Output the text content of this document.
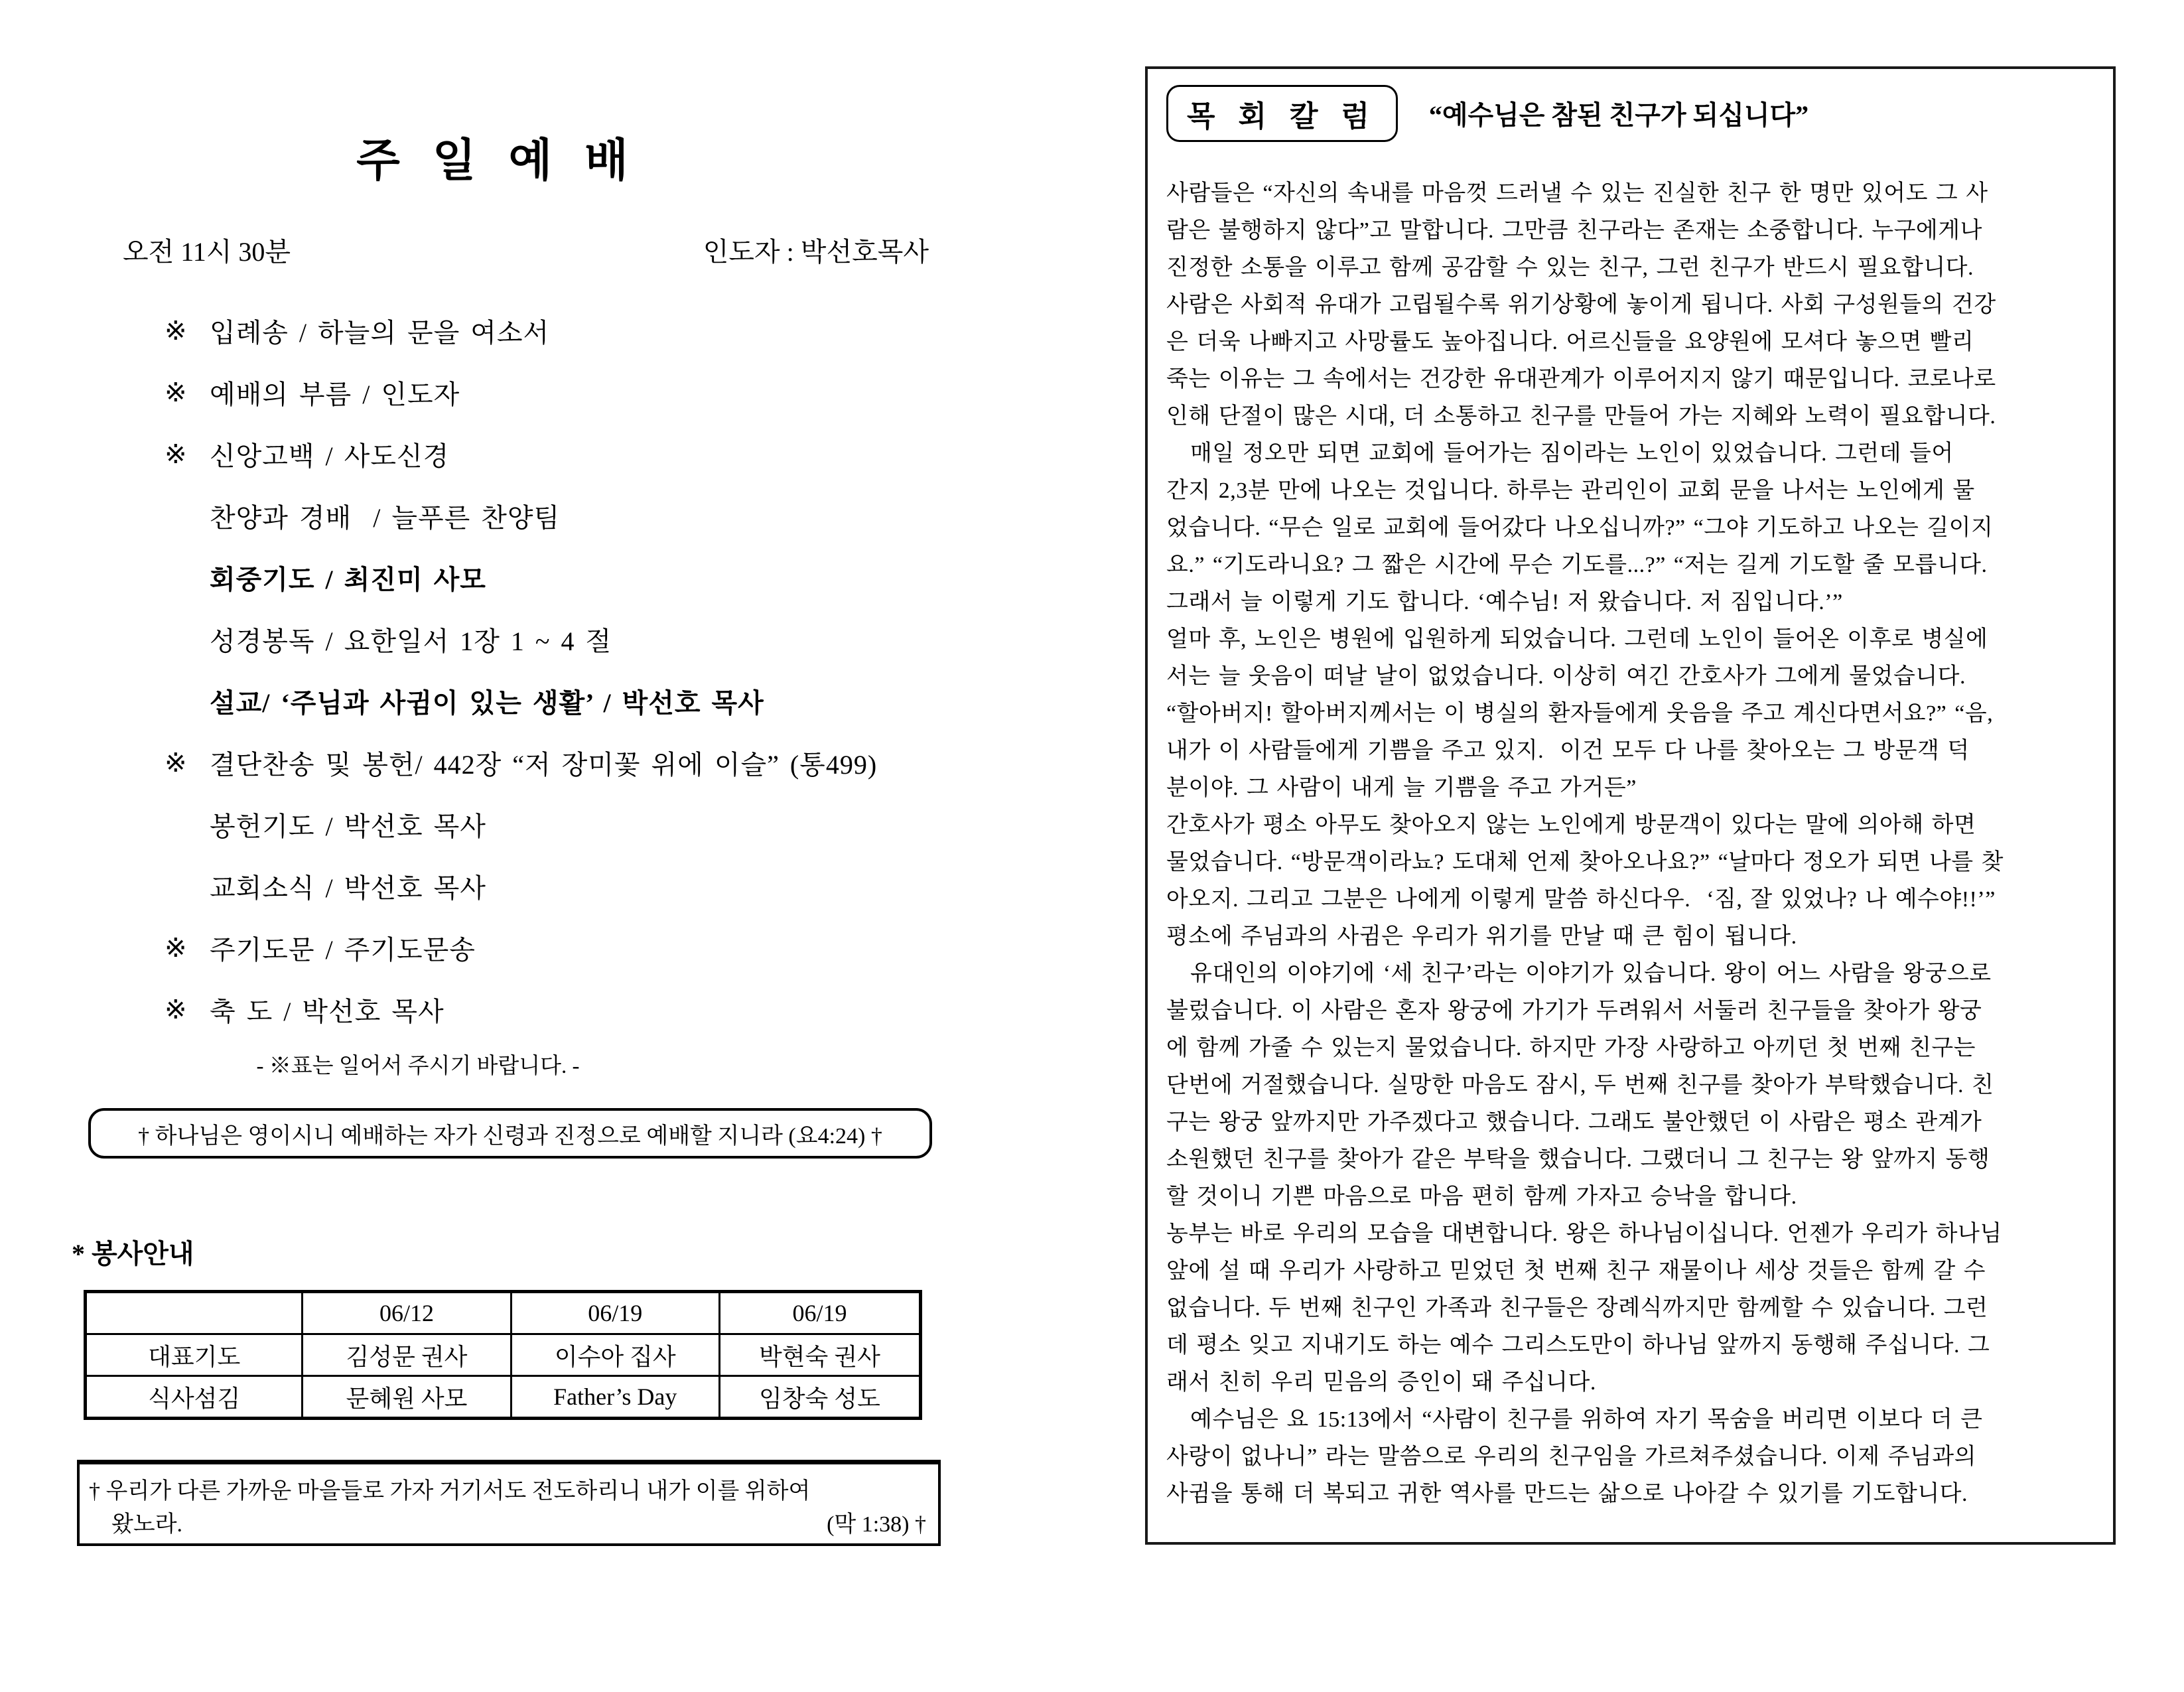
주 일 예 배
오전 11시 30분	인도자 : 박선호목사
※ 입례송 / 하늘의 문을 여소서
※ 예배의 부름 / 인도자
※ 신앙고백 / 사도신경
찬양과 경배  / 늘푸른 찬양팀
회중기도 / 최진미 사모
성경봉독 / 요한일서 1장 1 ~ 4 절
설교/ ‘주님과 사귐이 있는 생활’ / 박선호 목사
※ 결단찬송 및 봉헌/ 442장 “저 장미꽃 위에 이슬” (통499)
봉헌기도 / 박선호 목사
교회소식 / 박선호 목사
※ 주기도문 / 주기도문송
※ 축 도 / 박선호 목사
- ※표는 일어서 주시기 바랍니다. -
† 하나님은 영이시니 예배하는 자가 신령과 진정으로 예배할 지니라 (요4:24) †
* 봉사안내
	06/12	06/19	06/19
대표기도	김성문 권사	이수아 집사	박현숙 권사
식사섬김	문혜원 사모	Father’s Day	임창숙 성도
† 우리가 다른 가까운 마을들로 가자 거기서도 전도하리니 내가 이를 위하여
왔노라.	(막 1:38) †
목 회 칼 럼	“예수님은 참된 친구가 되십니다”
사람들은 “자신의 속내를 마음껏 드러낼 수 있는 진실한 친구 한 명만 있어도 그 사
람은 불행하지 않다”고 말합니다. 그만큼 친구라는 존재는 소중합니다. 누구에게나
진정한 소통을 이루고 함께 공감할 수 있는 친구, 그런 친구가 반드시 필요합니다.
사람은 사회적 유대가 고립될수록 위기상황에 놓이게 됩니다. 사회 구성원들의 건강
은 더욱 나빠지고 사망률도 높아집니다. 어르신들을 요양원에 모셔다 놓으면 빨리
죽는 이유는 그 속에서는 건강한 유대관계가 이루어지지 않기 때문입니다. 코로나로
인해 단절이 많은 시대, 더 소통하고 친구를 만들어 가는 지혜와 노력이 필요합니다.
매일 정오만 되면 교회에 들어가는 짐이라는 노인이 있었습니다. 그런데 들어
간지 2,3분 만에 나오는 것입니다. 하루는 관리인이 교회 문을 나서는 노인에게 물
었습니다. “무슨 일로 교회에 들어갔다 나오십니까?” “그야 기도하고 나오는 길이지
요.” “기도라니요? 그 짧은 시간에 무슨 기도를...?” “저는 길게 기도할 줄 모릅니다.
그래서 늘 이렇게 기도 합니다. ‘예수님! 저 왔습니다. 저 짐입니다.’”
얼마 후, 노인은 병원에 입원하게 되었습니다. 그런데 노인이 들어온 이후로 병실에
서는 늘 웃음이 떠날 날이 없었습니다. 이상히 여긴 간호사가 그에게 물었습니다.
“할아버지! 할아버지께서는 이 병실의 환자들에게 웃음을 주고 계신다면서요?” “음,
내가 이 사람들에게 기쁨을 주고 있지.  이건 모두 다 나를 찾아오는 그 방문객 덕
분이야. 그 사람이 내게 늘 기쁨을 주고 가거든”
간호사가 평소 아무도 찾아오지 않는 노인에게 방문객이 있다는 말에 의아해 하면
물었습니다. “방문객이라뇨? 도대체 언제 찾아오나요?” “날마다 정오가 되면 나를 찾
아오지. 그리고 그분은 나에게 이렇게 말씀 하신다우.  ‘짐, 잘 있었나? 나 예수야!!’”
평소에 주님과의 사귐은 우리가 위기를 만날 때 큰 힘이 됩니다.
유대인의 이야기에 ‘세 친구’라는 이야기가 있습니다. 왕이 어느 사람을 왕궁으로
불렀습니다. 이 사람은 혼자 왕궁에 가기가 두려워서 서둘러 친구들을 찾아가 왕궁
에 함께 가줄 수 있는지 물었습니다. 하지만 가장 사랑하고 아끼던 첫 번째 친구는
단번에 거절했습니다. 실망한 마음도 잠시, 두 번째 친구를 찾아가 부탁했습니다. 친
구는 왕궁 앞까지만 가주겠다고 했습니다. 그래도 불안했던 이 사람은 평소 관계가
소원했던 친구를 찾아가 같은 부탁을 했습니다. 그랬더니 그 친구는 왕 앞까지 동행
할 것이니 기쁜 마음으로 마음 편히 함께 가자고 승낙을 합니다.
농부는 바로 우리의 모습을 대변합니다. 왕은 하나님이십니다. 언젠가 우리가 하나님
앞에 설 때 우리가 사랑하고 믿었던 첫 번째 친구 재물이나 세상 것들은 함께 갈 수
없습니다. 두 번째 친구인 가족과 친구들은 장례식까지만 함께할 수 있습니다. 그런
데 평소 잊고 지내기도 하는 예수 그리스도만이 하나님 앞까지 동행해 주십니다. 그
래서 친히 우리 믿음의 증인이 돼 주십니다.
예수님은 요 15:13에서 “사람이 친구를 위하여 자기 목숨을 버리면 이보다 더 큰
사랑이 없나니” 라는 말씀으로 우리의 친구임을 가르쳐주셨습니다. 이제 주님과의
사귐을 통해 더 복되고 귀한 역사를 만드는 삶으로 나아갈 수 있기를 기도합니다.
